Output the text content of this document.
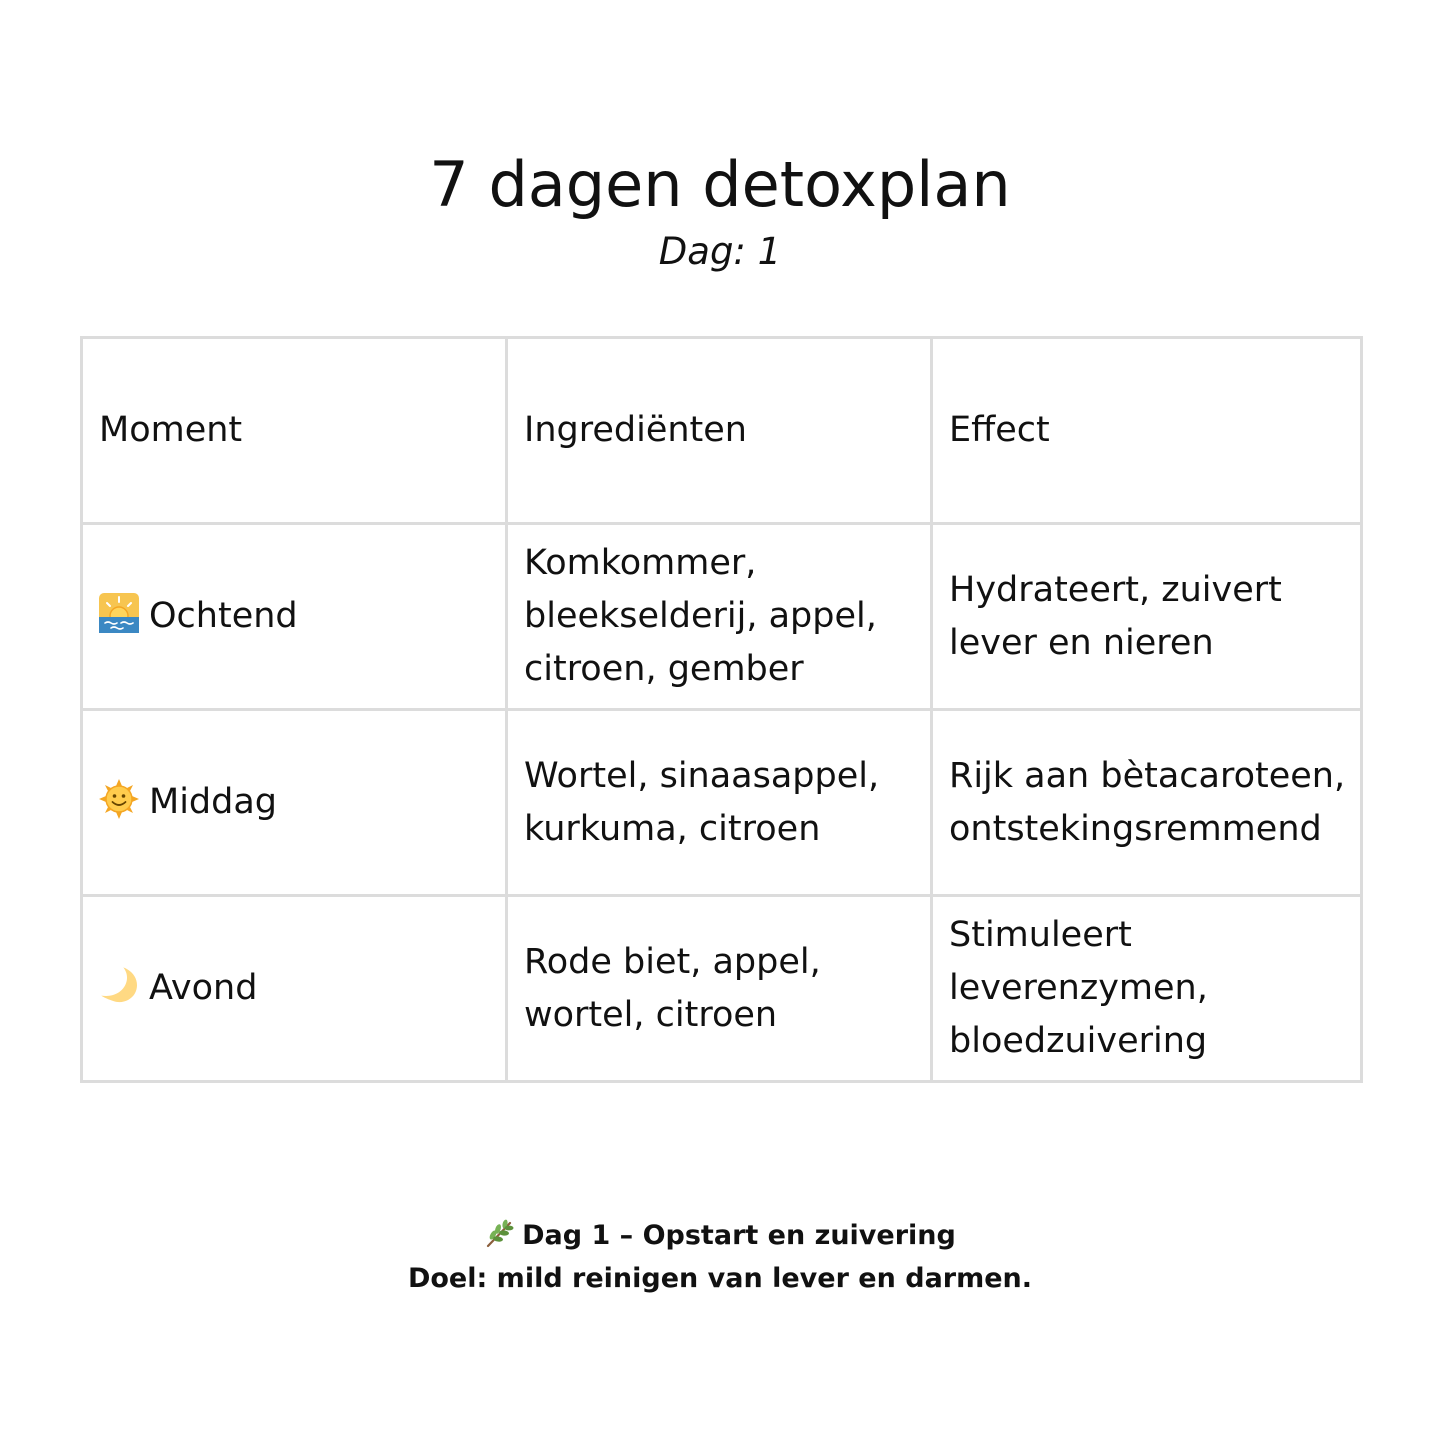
7 dagen detoxplan
Dag: 1
Moment	Ingrediënten	Effect
Ochtend	Komkommer, bleekselderij, appel, citroen, gember	Hydrateert, zuivert lever en nieren
Middag	Wortel, sinaasappel, kurkuma, citroen	Rijk aan bètacaroteen, ontstekingsremmend
Avond	Rode biet, appel, wortel, citroen	Stimuleert leverenzymen, bloedzuivering
Dag 1 – Opstart en zuivering
Doel: mild reinigen van lever en darmen.
